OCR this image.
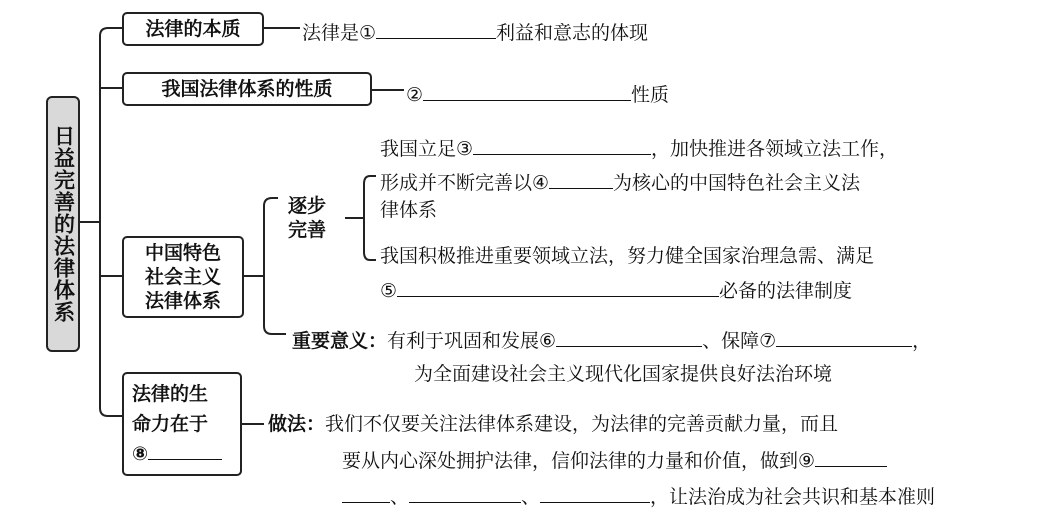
日益完善的法律体系
法律的本质	法律是①	利益和意志的体现
我国法律体系的性质	②	性质
中国特色
社会主义
法律体系
逐步
完善
我国立足③	，加快推进各领域立法工作，
形成并不断完善以④	为核心的中国特色社会主义法
律体系
我国积极推进重要领域立法，努力健全国家治理急需、满足
⑤	必备的法律制度
重要意义：有利于巩固和发展⑥	、保障⑦	，
为全面建设社会主义现代化国家提供良好法治环境
法律的生
命力在于
⑧
做法：我们不仅要关注法律体系建设，为法律的完善贡献力量，而且
要从内心深处拥护法律，信仰法律的力量和价值，做到⑨
、	、	，让法治成为社会共识和基本准则
